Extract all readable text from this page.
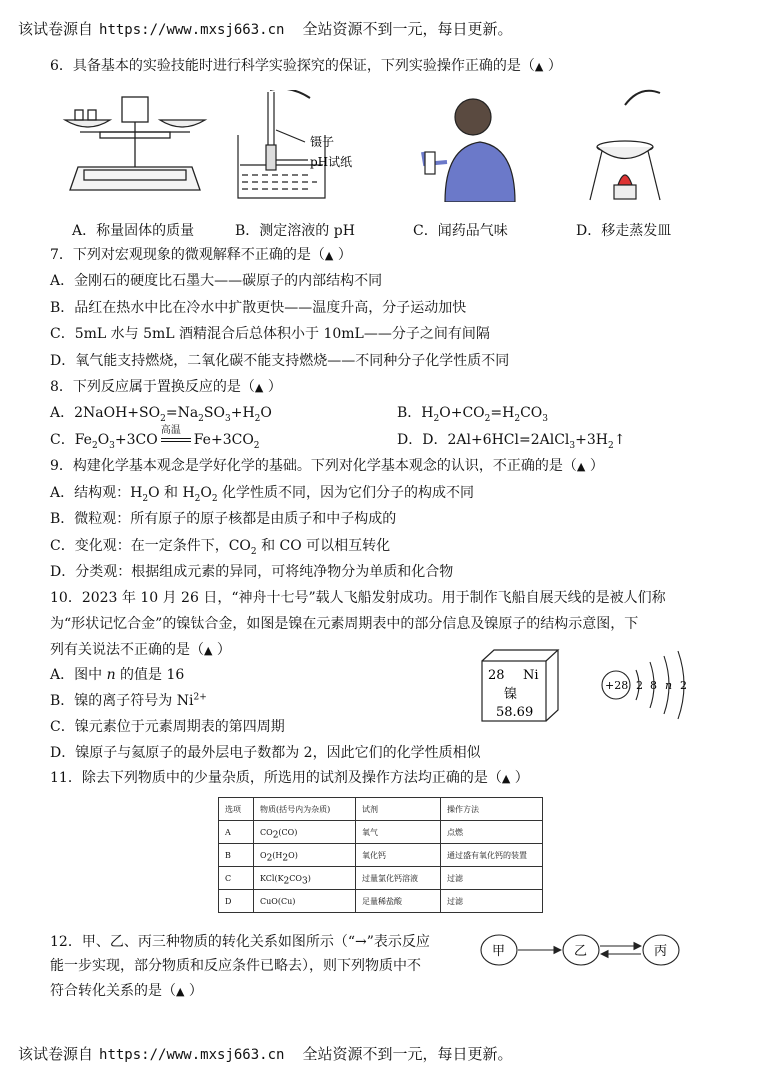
该试卷源自 https://www.mxsj663.cn 全站资源不到一元，每日更新。
6．具备基本的实验技能时进行科学实验探究的保证，下列实验操作正确的是（▲ ）
镊子
pH试纸
A．称量固体的质量	B．测定溶液的 pH	C．闻药品气味	D．移走蒸发皿
7．下列对宏观现象的微观解释不正确的是（▲ ）
A．金刚石的硬度比石墨大——碳原子的内部结构不同
B．品红在热水中比在冷水中扩散更快——温度升高，分子运动加快
C．5mL 水与 5mL 酒精混合后总体积小于 10mL——分子之间有间隔
D．氧气能支持燃烧，二氧化碳不能支持燃烧——不同种分子化学性质不同
8．下列反应属于置换反应的是（▲ ）
A．$2NaOH+SO_2=Na_2SO_3+H_2O$	B．$H_2O+CO_2=H_2CO_3$
C．$Fe_2O_3+3CO$
高温
$Fe+3CO_2$	D．D．$2Al+6HCl=2AlCl_3+3H_2↑$
9．构建化学基本观念是学好化学的基础。下列对化学基本观念的认识，不正确的是（▲ ）
A．结构观：$H_2O$ 和 $H_2O_2$ 化学性质不同，因为它们分子的构成不同
B．微粒观：所有原子的原子核都是由质子和中子构成的
C．变化观：在一定条件下，$CO_2$ 和 CO 可以相互转化
D．分类观：根据组成元素的异同，可将纯净物分为单质和化合物
10．2023 年 10 月 26 日，“神舟十七号”载人飞船发射成功。用于制作飞船自展天线的是被人们称
为“形状记忆合金”的镍钛合金，如图是镍在元素周期表中的部分信息及镍原子的结构示意图，下
列有关说法不正确的是（▲ ）
A．图中 n 的值是 16
B．镍的离子符号为 $Ni^{2+}$
C．镍元素位于元素周期表的第四周期
D．镍原子与氦原子的最外层电子数都为 2，因此它们的化学性质相似
28 Ni
镍
58.69
+28 2 8 n 2
11．除去下列物质中的少量杂质，所选用的试剂及操作方法均正确的是（▲ ）
选项	物质(括号内为杂质)	试剂	操作方法
A	$CO_2(CO)$	氧气	点燃
B	$O_2(H_2O)$	氧化钙	通过盛有氧化钙的装置
C	$KCl(K_2CO_3)$	过量氯化钙溶液	过滤
D	CuO(Cu)	足量稀盐酸	过滤
12．甲、乙、丙三种物质的转化关系如图所示（“→”表示反应
能一步实现，部分物质和反应条件已略去），则下列物质中不
符合转化关系的是（▲ ）
甲	乙	丙
该试卷源自 https://www.mxsj663.cn 全站资源不到一元，每日更新。
